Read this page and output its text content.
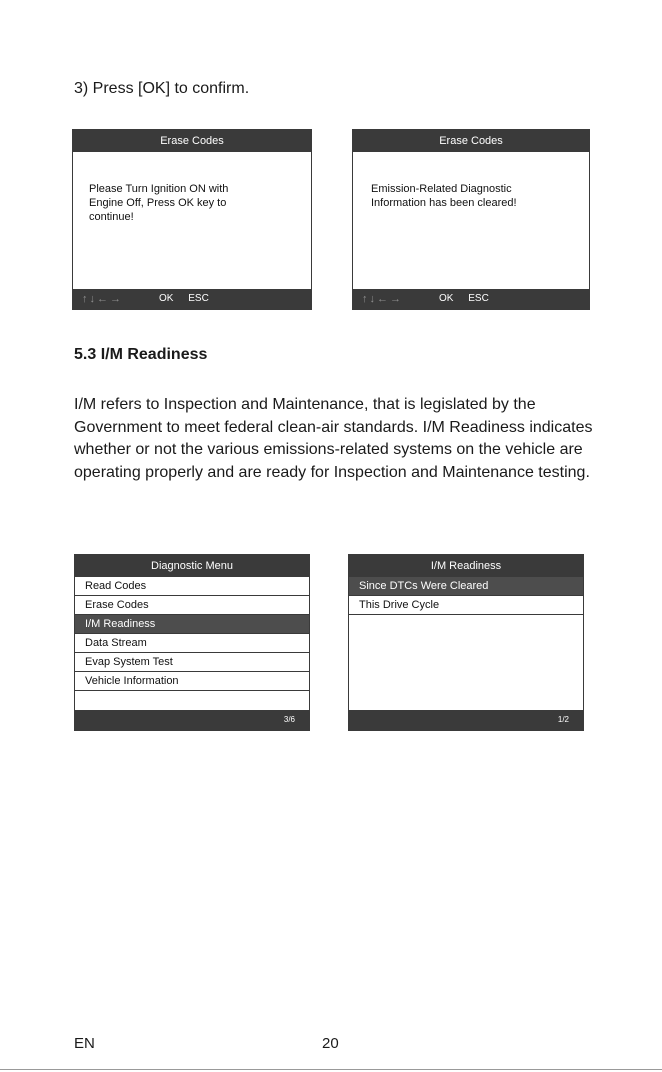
3) Press [OK] to confirm.
Erase Codes
Please Turn Ignition ON with
Engine Off, Press OK key to
continue!
↑↓←→	OK ESC
Erase Codes
Emission-Related Diagnostic
Information has been cleared!
↑↓←→	OK ESC
5.3 I/M Readiness
I/M refers to Inspection and Maintenance, that is legislated by the Government to meet federal clean-air standards. I/M Readiness indicates whether or not the various emissions-related systems on the vehicle are operating properly and are ready for Inspection and Maintenance testing.
Diagnostic Menu
Read Codes
Erase Codes
I/M Readiness
Data Stream
Evap System Test
Vehicle Information
3/6
I/M Readiness
Since DTCs Were Cleared
This Drive Cycle
1/2
EN	20
